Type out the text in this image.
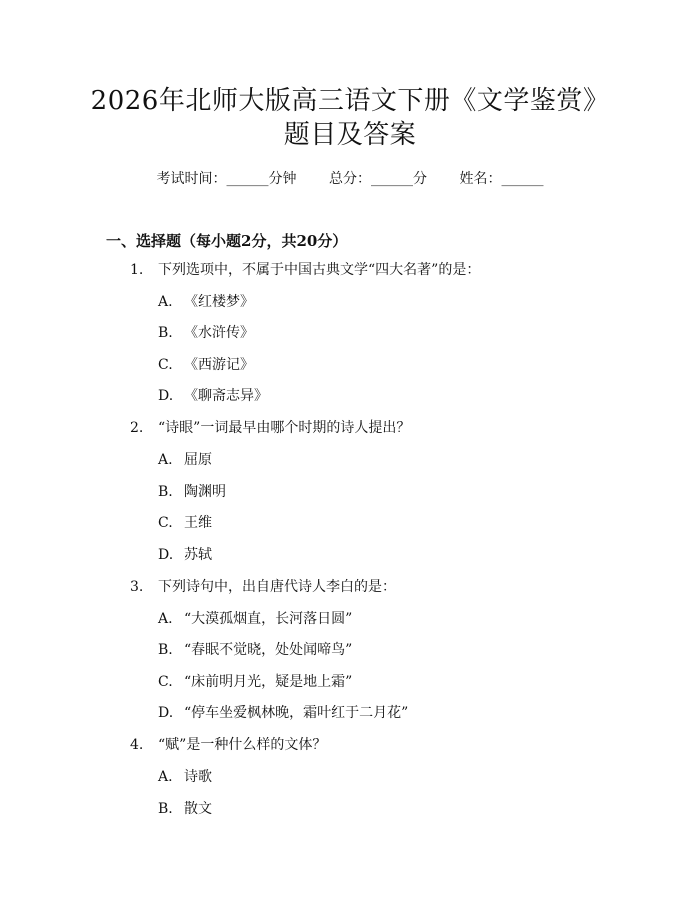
2026年北师大版高三语文下册《文学鉴赏》
题目及答案
考试时间：______分钟 总分：______分 姓名：______
一、选择题（每小题2分，共20分）
1. 下列选项中，不属于中国古典文学“四大名著”的是：
A. 《红楼梦》
B. 《水浒传》
C. 《西游记》
D. 《聊斋志异》
2. “诗眼”一词最早由哪个时期的诗人提出？
A. 屈原
B. 陶渊明
C. 王维
D. 苏轼
3. 下列诗句中，出自唐代诗人李白的是：
A. “大漠孤烟直，长河落日圆”
B. “春眠不觉晓，处处闻啼鸟”
C. “床前明月光，疑是地上霜”
D. “停车坐爱枫林晚，霜叶红于二月花”
4. “赋”是一种什么样的文体？
A. 诗歌
B. 散文
